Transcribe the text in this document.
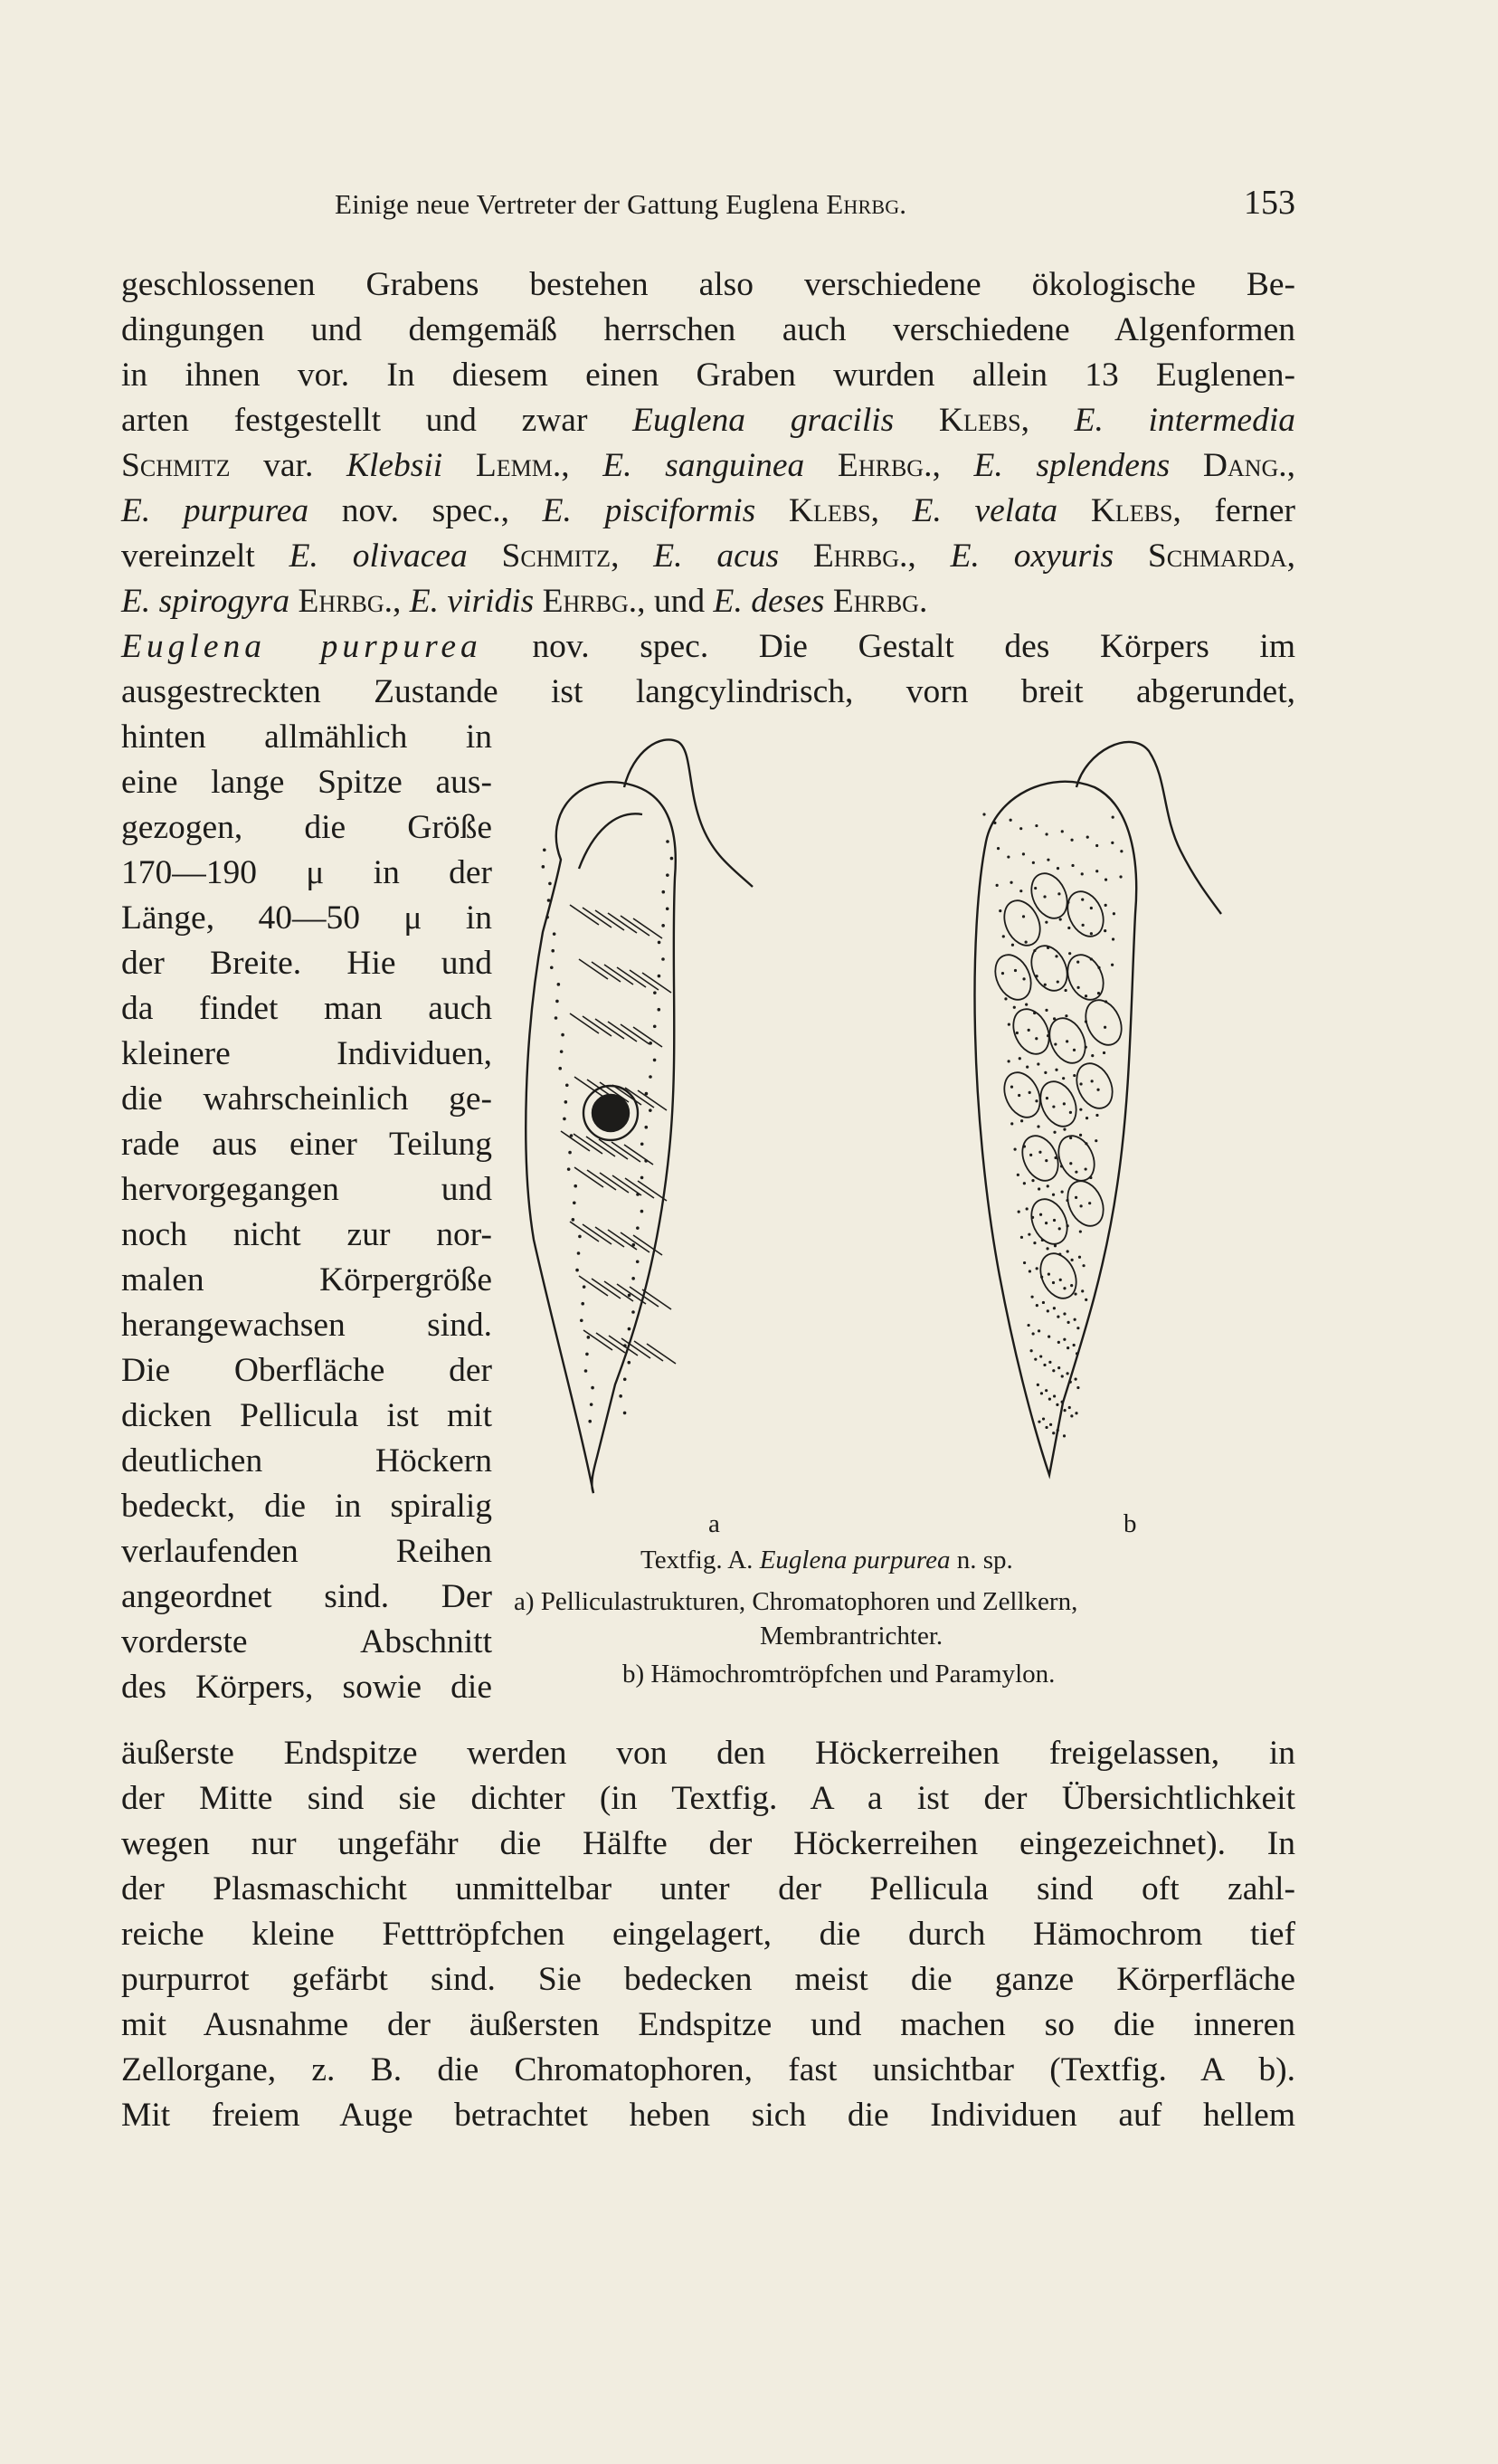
Einige neue Vertreter der Gattung Euglena Ehrbg.	153
geschlossenen Grabens bestehen also verschiedene ökologische Be-
dingungen und demgemäß herrschen auch verschiedene Algenformen
in ihnen vor. In diesem einen Graben wurden allein 13 Euglenen-
arten festgestellt und zwar Euglena gracilis Klebs, E. intermedia
Schmitz var. Klebsii Lemm., E. sanguinea Ehrbg., E. splendens Dang.,
E. purpurea nov. spec., E. pisciformis Klebs, E. velata Klebs, ferner
vereinzelt E. olivacea Schmitz, E. acus Ehrbg., E. oxyuris Schmarda,
E. spirogyra Ehrbg., E. viridis Ehrbg., und E. deses Ehrbg.
Euglena purpurea nov. spec. Die Gestalt des Körpers im
ausgestreckten Zustande ist langcylindrisch, vorn breit abgerundet,
hinten allmählich in
eine lange Spitze aus-
gezogen, die Größe
170—190 μ in der
Länge, 40—50 μ in
der Breite. Hie und
da findet man auch
kleinere Individuen,
die wahrscheinlich ge-
rade aus einer Teilung
hervorgegangen und
noch nicht zur nor-
malen Körpergröße
herangewachsen sind.
Die Oberfläche der
dicken Pellicula ist mit
deutlichen Höckern
bedeckt, die in spiralig
verlaufenden Reihen
angeordnet sind. Der
vorderste Abschnitt
des Körpers, sowie die
äußerste Endspitze werden von den Höckerreihen freigelassen, in
der Mitte sind sie dichter (in Textfig. A a ist der Übersichtlichkeit
wegen nur ungefähr die Hälfte der Höckerreihen eingezeichnet). In
der Plasmaschicht unmittelbar unter der Pellicula sind oft zahl-
reiche kleine Fetttröpfchen eingelagert, die durch Hämochrom tief
purpurrot gefärbt sind. Sie bedecken meist die ganze Körperfläche
mit Ausnahme der äußersten Endspitze und machen so die inneren
Zellorgane, z. B. die Chromatophoren, fast unsichtbar (Textfig. A b).
Mit freiem Auge betrachtet heben sich die Individuen auf hellem
a	b
Textfig. A. Euglena purpurea n. sp.
a) Pelliculastrukturen, Chromatophoren und Zellkern,
Membrantrichter.
b) Hämochromtröpfchen und Paramylon.
